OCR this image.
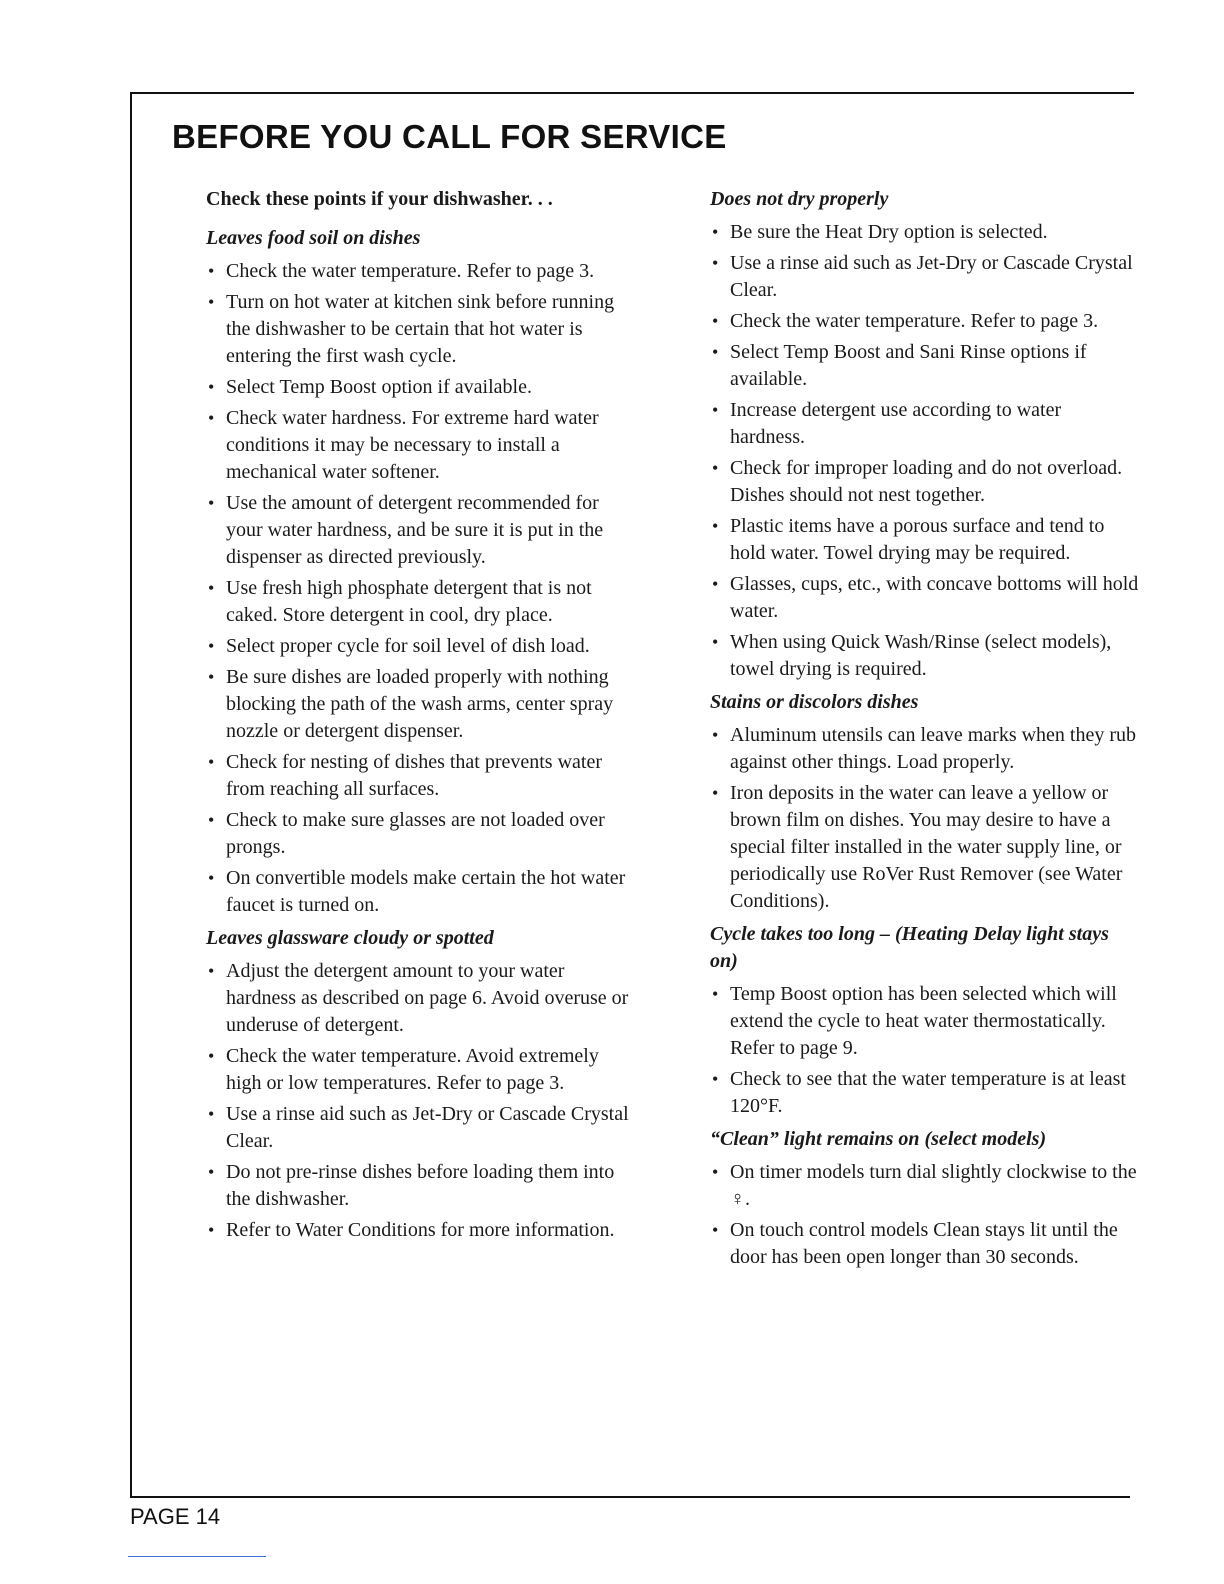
BEFORE YOU CALL FOR SERVICE

Check these points if your dishwasher. . .

Leaves food soil on dishes

• Check the water temperature. Refer to page 3.
• Turn on hot water at kitchen sink before running the dishwasher to be certain that hot water is entering the first wash cycle.
• Select Temp Boost option if available.
• Check water hardness. For extreme hard water conditions it may be necessary to install a mechanical water softener.
• Use the amount of detergent recommended for your water hardness, and be sure it is put in the dispenser as directed previously.
• Use fresh high phosphate detergent that is not caked. Store detergent in cool, dry place.
• Select proper cycle for soil level of dish load.
• Be sure dishes are loaded properly with nothing blocking the path of the wash arms, center spray nozzle or detergent dispenser.
• Check for nesting of dishes that prevents water from reaching all surfaces.
• Check to make sure glasses are not loaded over prongs.
• On convertible models make certain the hot water faucet is turned on.

Leaves glassware cloudy or spotted

• Adjust the detergent amount to your water hardness as described on page 6. Avoid overuse or underuse of detergent.
• Check the water temperature. Avoid extremely high or low temperatures. Refer to page 3.
• Use a rinse aid such as Jet-Dry or Cascade Crystal Clear.
• Do not pre-rinse dishes before loading them into the dishwasher.
• Refer to Water Conditions for more information.

Does not dry properly

• Be sure the Heat Dry option is selected.
• Use a rinse aid such as Jet-Dry or Cascade Crystal Clear.
• Check the water temperature. Refer to page 3.
• Select Temp Boost and Sani Rinse options if available.
• Increase detergent use according to water hardness.
• Check for improper loading and do not overload. Dishes should not nest together.
• Plastic items have a porous surface and tend to hold water. Towel drying may be required.
• Glasses, cups, etc., with concave bottoms will hold water.
• When using Quick Wash/Rinse (select models), towel drying is required.

Stains or discolors dishes

• Aluminum utensils can leave marks when they rub against other things. Load properly.
• Iron deposits in the water can leave a yellow or brown film on dishes. You may desire to have a special filter installed in the water supply line, or periodically use RoVer Rust Remover (see Water Conditions).

Cycle takes too long – (Heating Delay light stays on)

• Temp Boost option has been selected which will extend the cycle to heat water thermostatically. Refer to page 9.
• Check to see that the water temperature is at least 120°F.

“Clean” light remains on (select models)

• On timer models turn dial slightly clockwise to the ♀.
• On touch control models Clean stays lit until the door has been open longer than 30 seconds.
PAGE 14
